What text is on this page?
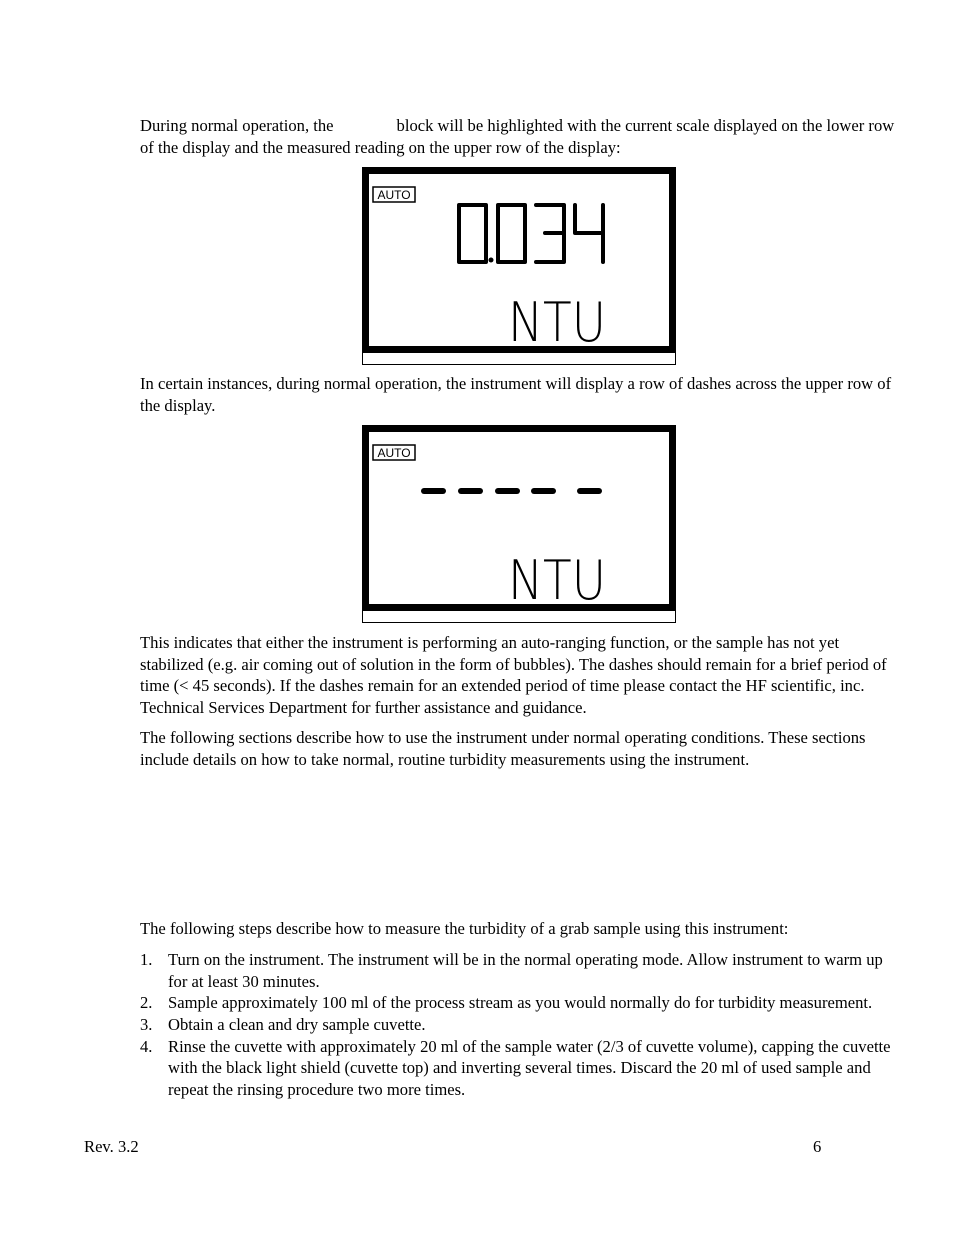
During normal operation, the	block will be highlighted with the current scale displayed on the lower row of the display and the measured reading on the upper row of the display:

AUTO
NTU

In certain instances, during normal operation, the instrument will display a row of dashes across the upper row of the display.

AUTO
NTU

This indicates that either the instrument is performing an auto-ranging function, or the sample has not yet stabilized (e.g. air coming out of solution in the form of bubbles). The dashes should remain for a brief period of time (< 45 seconds). If the dashes remain for an extended period of time please contact the HF scientific, inc. Technical Services Department for further assistance and guidance.

The following sections describe how to use the instrument under normal operating conditions. These sections include details on how to take normal, routine turbidity measurements using the instrument.

The following steps describe how to measure the turbidity of a grab sample using this instrument:

1. Turn on the instrument. The instrument will be in the normal operating mode. Allow instrument to warm up for at least 30 minutes.
2. Sample approximately 100 ml of the process stream as you would normally do for turbidity measurement.
3. Obtain a clean and dry sample cuvette.
4. Rinse the cuvette with approximately 20 ml of the sample water (2/3 of cuvette volume), capping the cuvette with the black light shield (cuvette top) and inverting several times. Discard the 20 ml of used sample and repeat the rinsing procedure two more times.
Rev. 3.2	6
